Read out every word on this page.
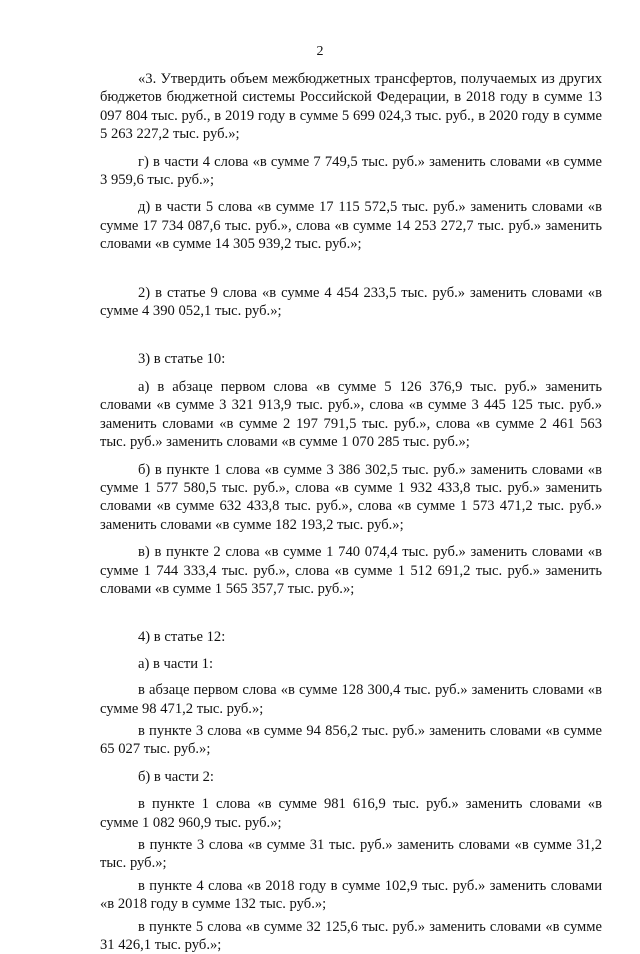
2

«3. Утвердить объем межбюджетных трансфертов, получаемых из других бюджетов бюджетной системы Российской Федерации, в 2018 году в сумме 13 097 804 тыс. руб., в 2019 году в сумме 5 699 024,3 тыс. руб., в 2020 году в сумме 5 263 227,2 тыс. руб.»;

г) в части 4 слова «в сумме 7 749,5 тыс. руб.» заменить словами «в сумме 3 959,6 тыс. руб.»;

д) в части 5 слова «в сумме 17 115 572,5 тыс. руб.» заменить словами «в сумме 17 734 087,6 тыс. руб.», слова «в сумме 14 253 272,7 тыс. руб.» заменить словами «в сумме 14 305 939,2 тыс. руб.»;

2) в статье 9 слова «в сумме 4 454 233,5 тыс. руб.» заменить словами «в сумме 4 390 052,1 тыс. руб.»;

3) в статье 10:

а) в абзаце первом слова «в сумме 5 126 376,9 тыс. руб.» заменить словами «в сумме 3 321 913,9 тыс. руб.», слова «в сумме 3 445 125 тыс. руб.» заменить словами «в сумме 2 197 791,5 тыс. руб.», слова «в сумме 2 461 563 тыс. руб.» заменить словами «в сумме 1 070 285 тыс. руб.»;

б) в пункте 1 слова «в сумме 3 386 302,5 тыс. руб.» заменить словами «в сумме 1 577 580,5 тыс. руб.», слова «в сумме 1 932 433,8 тыс. руб.» заменить словами «в сумме 632 433,8 тыс. руб.», слова «в сумме 1 573 471,2 тыс. руб.» заменить словами «в сумме 182 193,2 тыс. руб.»;

в) в пункте 2 слова «в сумме 1 740 074,4 тыс. руб.» заменить словами «в сумме 1 744 333,4 тыс. руб.», слова «в сумме 1 512 691,2 тыс. руб.» заменить словами «в сумме 1 565 357,7 тыс. руб.»;

4) в статье 12:

а) в части 1:

в абзаце первом слова «в сумме 128 300,4 тыс. руб.» заменить словами «в сумме 98 471,2 тыс. руб.»;

в пункте 3 слова «в сумме 94 856,2 тыс. руб.» заменить словами «в сумме 65 027 тыс. руб.»;

б) в части 2:

в пункте 1 слова «в сумме 981 616,9 тыс. руб.» заменить словами «в сумме 1 082 960,9 тыс. руб.»;

в пункте 3 слова «в сумме 31 тыс. руб.» заменить словами «в сумме 31,2 тыс. руб.»;

в пункте 4 слова «в 2018 году в сумме 102,9 тыс. руб.» заменить словами «в 2018 году в сумме 132 тыс. руб.»;

в пункте 5 слова «в сумме 32 125,6 тыс. руб.» заменить словами «в сумме 31 426,1 тыс. руб.»;
